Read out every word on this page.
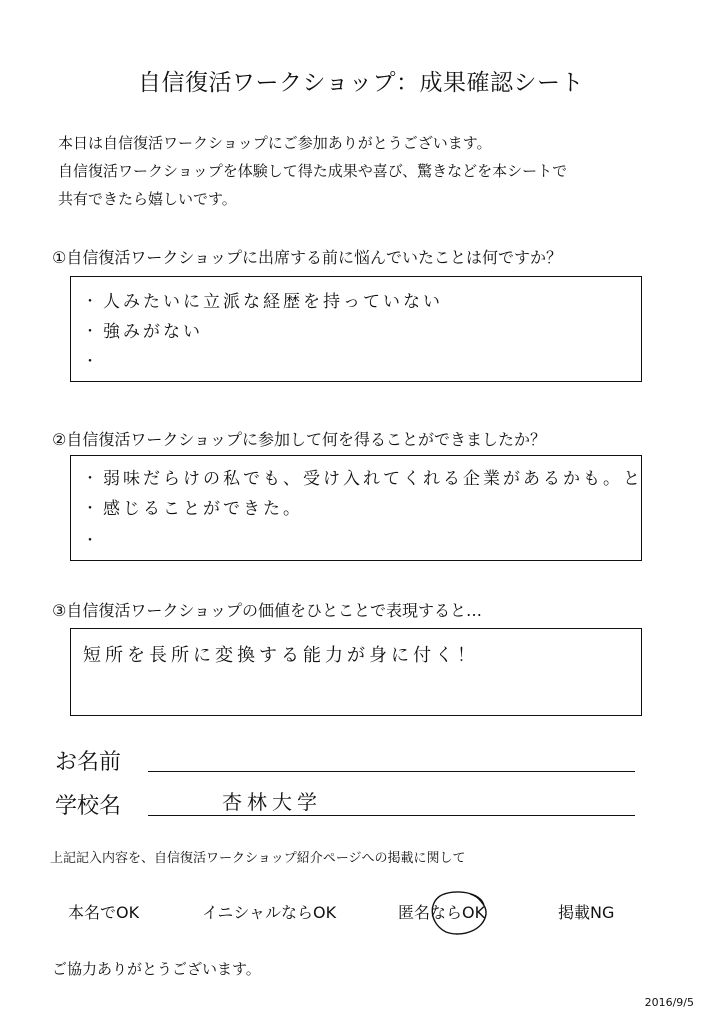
自信復活ワークショップ：成果確認シート
本日は自信復活ワークショップにご参加ありがとうございます。
自信復活ワークショップを体験して得た成果や喜び、驚きなどを本シートで
共有できたら嬉しいです。
①自信復活ワークショップに出席する前に悩んでいたことは何ですか？
・ 人みたいに立派な経歴を持っていない
・ 強みがない
・
②自信復活ワークショップに参加して何を得ることができましたか？
・ 弱味だらけの私でも、受け入れてくれる企業があるかも。と
・ 感じることができた。
・
③自信復活ワークショップの価値をひとことで表現すると…
短所を長所に変換する能力が身に付く！
お名前
学校名	杏林大学
上記記入内容を、自信復活ワークショップ紹介ページへの掲載に関して
本名でOK	イニシャルならOK	匿名ならOK	掲載NG
ご協力ありがとうございます。
2016/9/5
